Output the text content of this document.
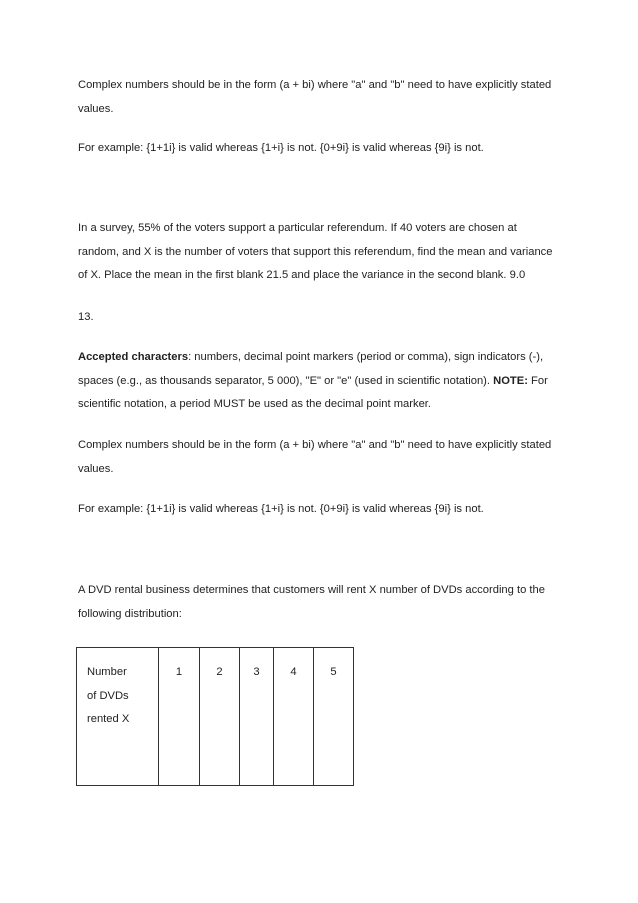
Complex numbers should be in the form (a + bi) where "a" and "b" need to have explicitly stated
values.
For example: {1+1i} is valid whereas {1+i} is not. {0+9i} is valid whereas {9i} is not.
In a survey, 55% of the voters support a particular referendum. If 40 voters are chosen at
random, and X is the number of voters that support this referendum, find the mean and variance
of X. Place the mean in the first blank 21.5 and place the variance in the second blank. 9.0
13.
Accepted characters: numbers, decimal point markers (period or comma), sign indicators (-),
spaces (e.g., as thousands separator, 5 000), "E" or "e" (used in scientific notation). NOTE: For
scientific notation, a period MUST be used as the decimal point marker.
Complex numbers should be in the form (a + bi) where "a" and "b" need to have explicitly stated
values.
For example: {1+1i} is valid whereas {1+i} is not. {0+9i} is valid whereas {9i} is not.
A DVD rental business determines that customers will rent X number of DVDs according to the
following distribution:
Number
of DVDs
rented X
	1	2	3	4	5
